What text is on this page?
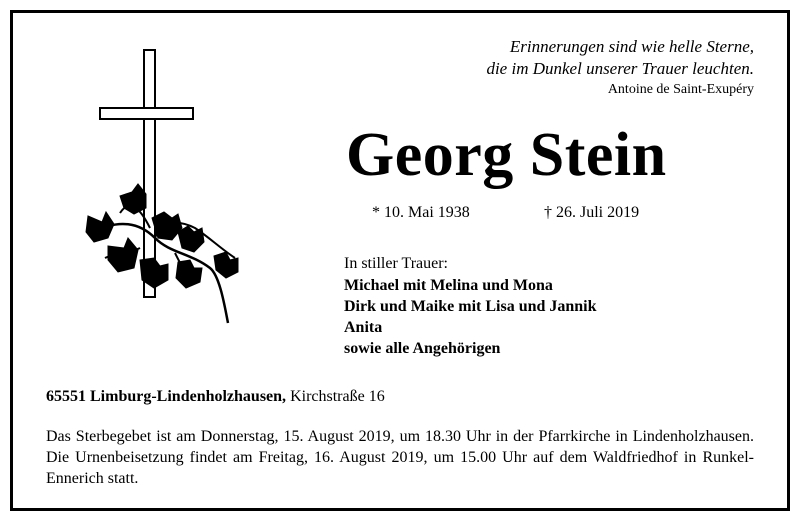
Erinnerungen sind wie helle Sterne,
die im Dunkel unserer Trauer leuchten.
Antoine de Saint-Exupéry
Georg Stein
* 10. Mai 1938	† 26. Juli 2019
In stiller Trauer:
Michael mit Melina und Mona
Dirk und Maike mit Lisa und Jannik
Anita
sowie alle Angehörigen
65551 Limburg-Lindenholzhausen, Kirchstraße 16
Das Sterbegebet ist am Donnerstag, 15. August 2019, um 18.30 Uhr in der Pfarrkirche in Lindenholzhausen. Die Urnenbeisetzung findet am Freitag, 16. August 2019, um 15.00 Uhr auf dem Waldfriedhof in Runkel-Ennerich statt.
